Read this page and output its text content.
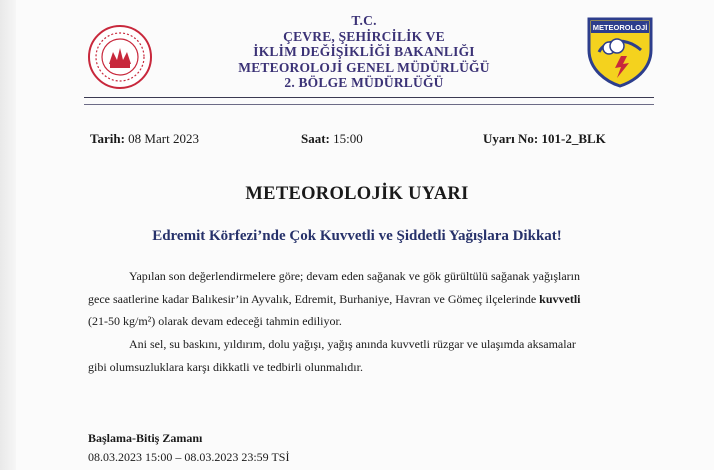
T.C.
ÇEVRE, ŞEHİRCİLİK VE
İKLİM DEĞİŞİKLİĞİ BAKANLIĞI
METEOROLOJİ GENEL MÜDÜRLÜĞÜ
2. BÖLGE MÜDÜRLÜĞÜ
METEOROLOJİ
Tarih: 08 Mart 2023	Saat: 15:00	Uyarı No: 101-2_BLK
METEOROLOJİK UYARI
Edremit Körfezi’nde Çok Kuvvetli ve Şiddetli Yağışlara Dikkat!
Yapılan son değerlendirmelere göre; devam eden sağanak ve gök gürültülü sağanak yağışların
gece saatlerine kadar Balıkesir’in Ayvalık, Edremit, Burhaniye, Havran ve Gömeç ilçelerinde kuvvetli
(21-50 kg/m²) olarak devam edeceği tahmin ediliyor.
Ani sel, su baskını, yıldırım, dolu yağışı, yağış anında kuvvetli rüzgar ve ulaşımda aksamalar
gibi olumsuzluklara karşı dikkatli ve tedbirli olunmalıdır.
Başlama-Bitiş Zamanı
08.03.2023 15:00 – 08.03.2023 23:59 TSİ
